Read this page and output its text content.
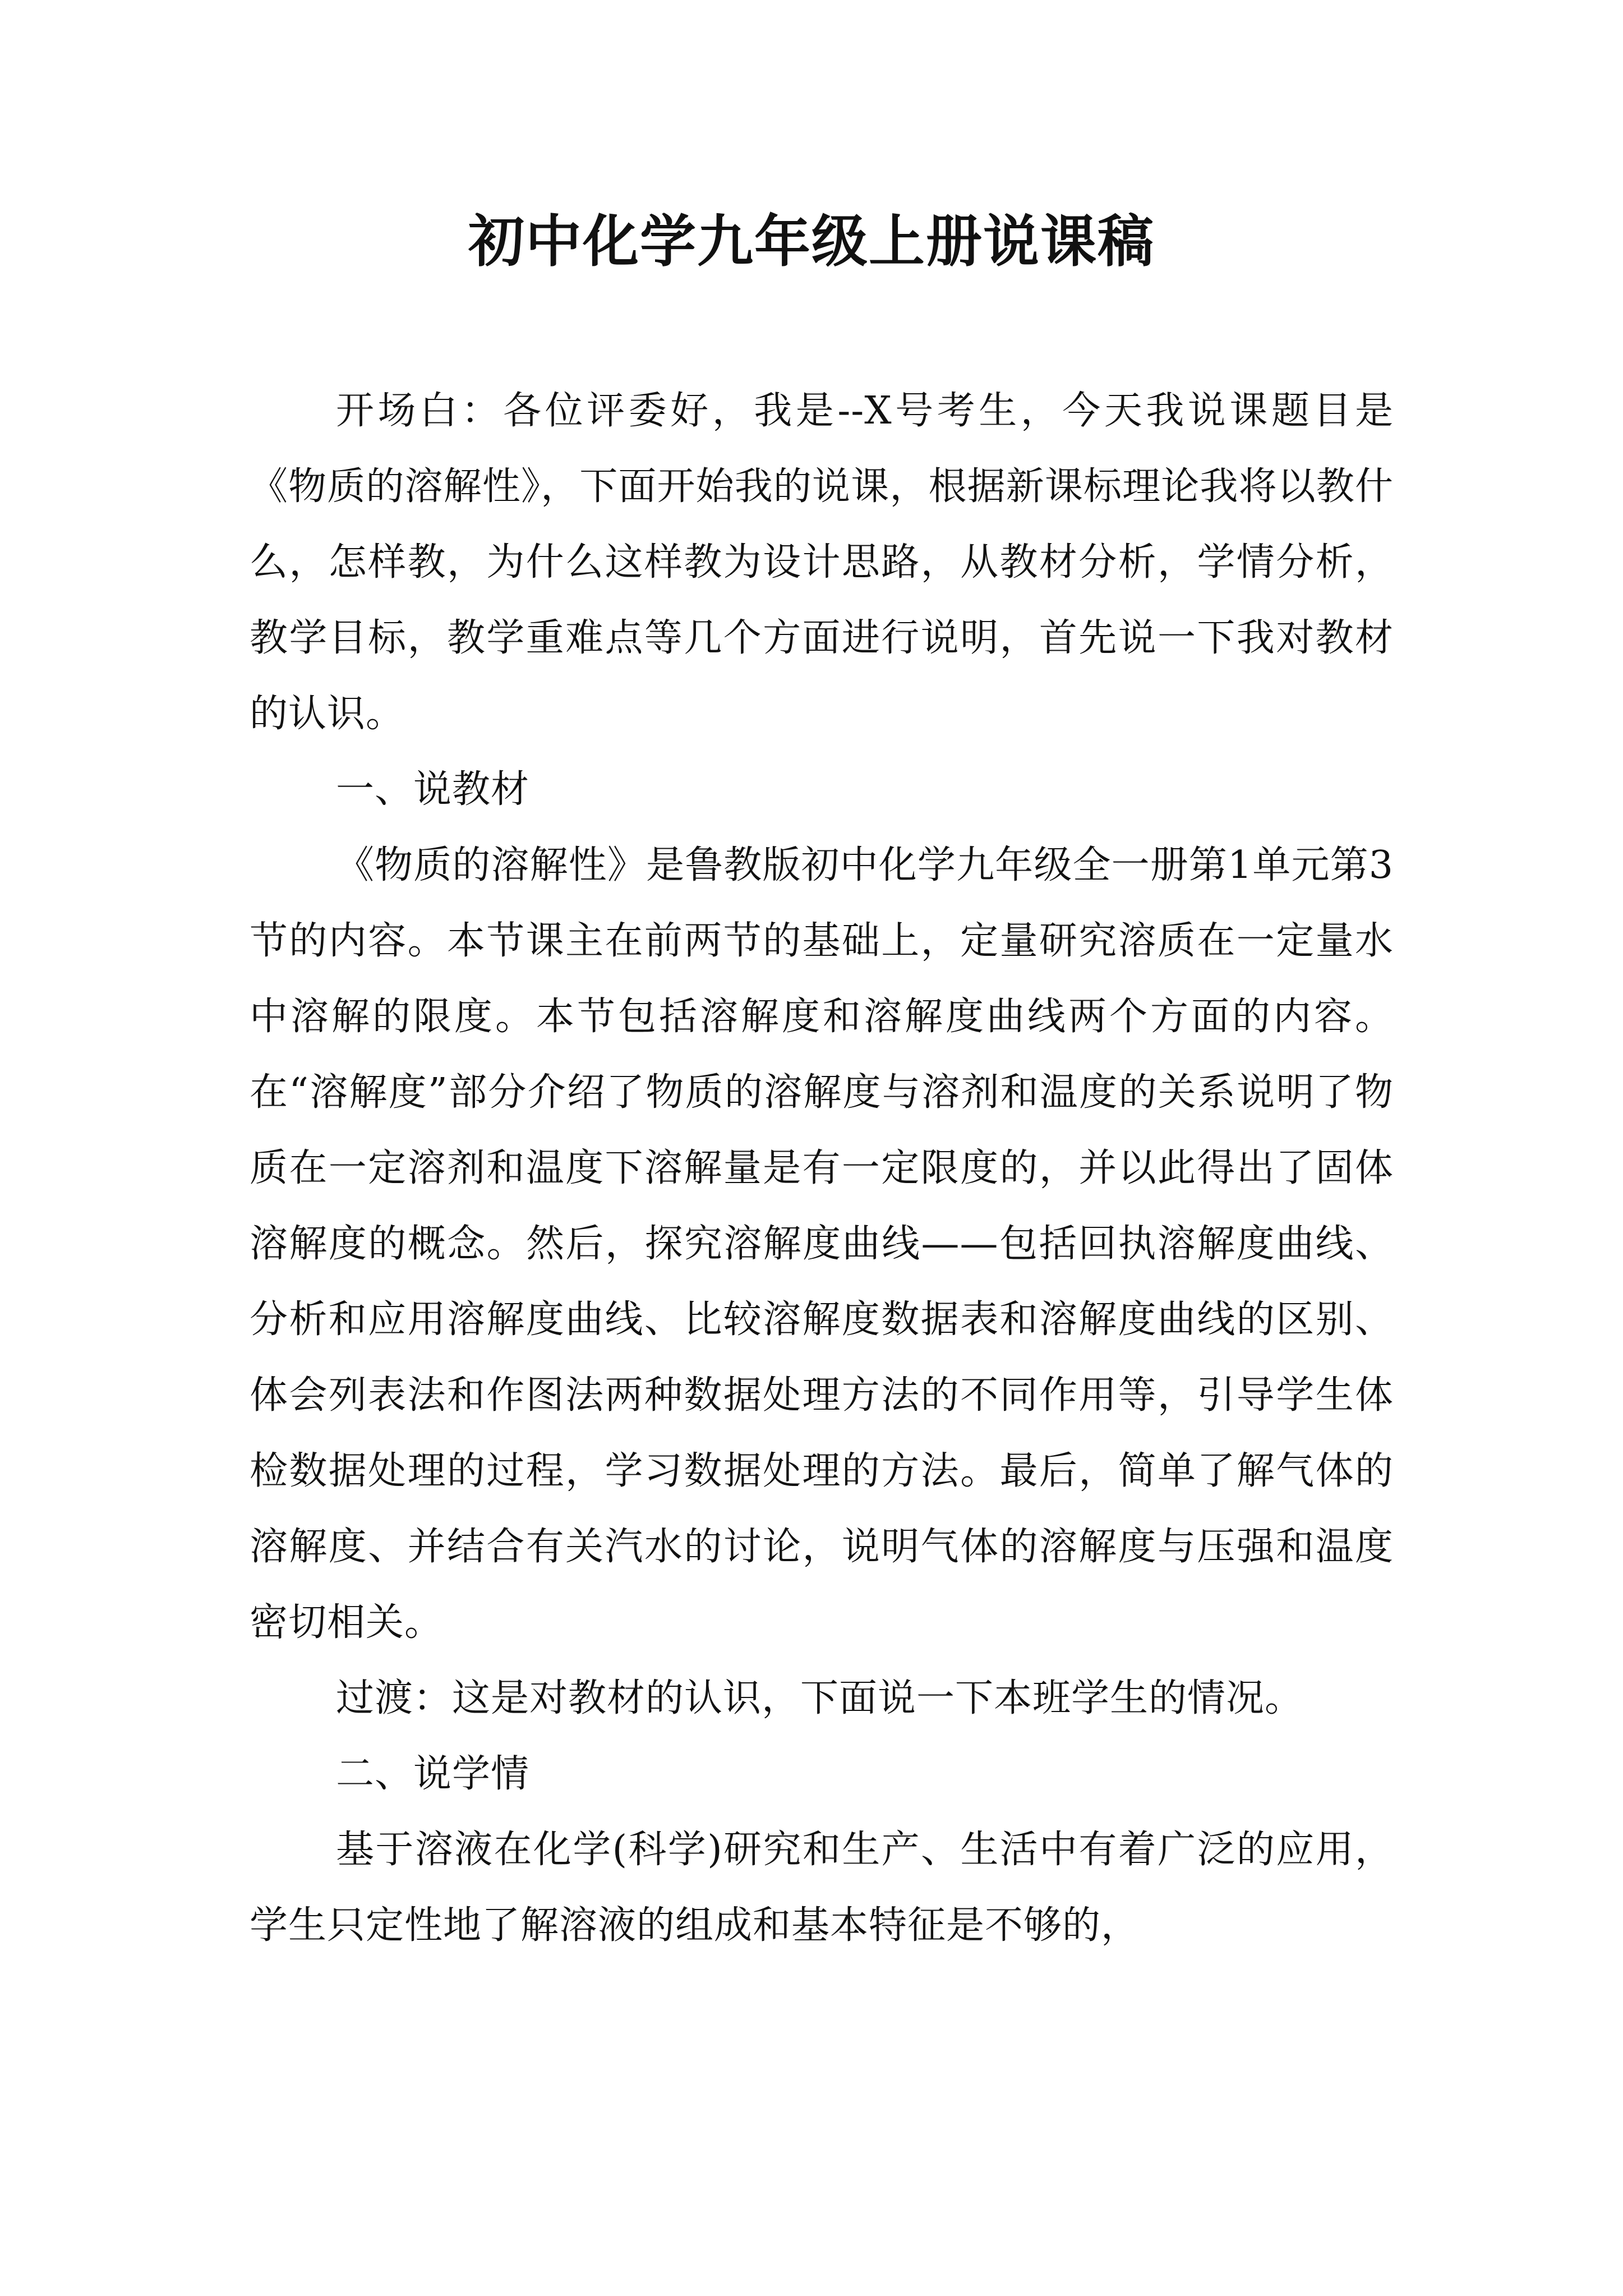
初中化学九年级上册说课稿

开场白：各位评委好，我是--X号考生，今天我说课题目是《物质的溶解性》，下面开始我的说课，根据新课标理论我将以教什么，怎样教，为什么这样教为设计思路，从教材分析，学情分析，教学目标，教学重难点等几个方面进行说明，首先说一下我对教材的认识。

一、说教材

《物质的溶解性》是鲁教版初中化学九年级全一册第1单元第3节的内容。本节课主在前两节的基础上，定量研究溶质在一定量水中溶解的限度。本节包括溶解度和溶解度曲线两个方面的内容。在“溶解度”部分介绍了物质的溶解度与溶剂和温度的关系说明了物质在一定溶剂和温度下溶解量是有一定限度的，并以此得出了固体溶解度的概念。然后，探究溶解度曲线——包括回执溶解度曲线、分析和应用溶解度曲线、比较溶解度数据表和溶解度曲线的区别、体会列表法和作图法两种数据处理方法的不同作用等，引导学生体检数据处理的过程，学习数据处理的方法。最后，简单了解气体的溶解度、并结合有关汽水的讨论，说明气体的溶解度与压强和温度密切相关。

过渡：这是对教材的认识，下面说一下本班学生的情况。

二、说学情

基于溶液在化学(科学)研究和生产、生活中有着广泛的应用，学生只定性地了解溶液的组成和基本特征是不够的，
